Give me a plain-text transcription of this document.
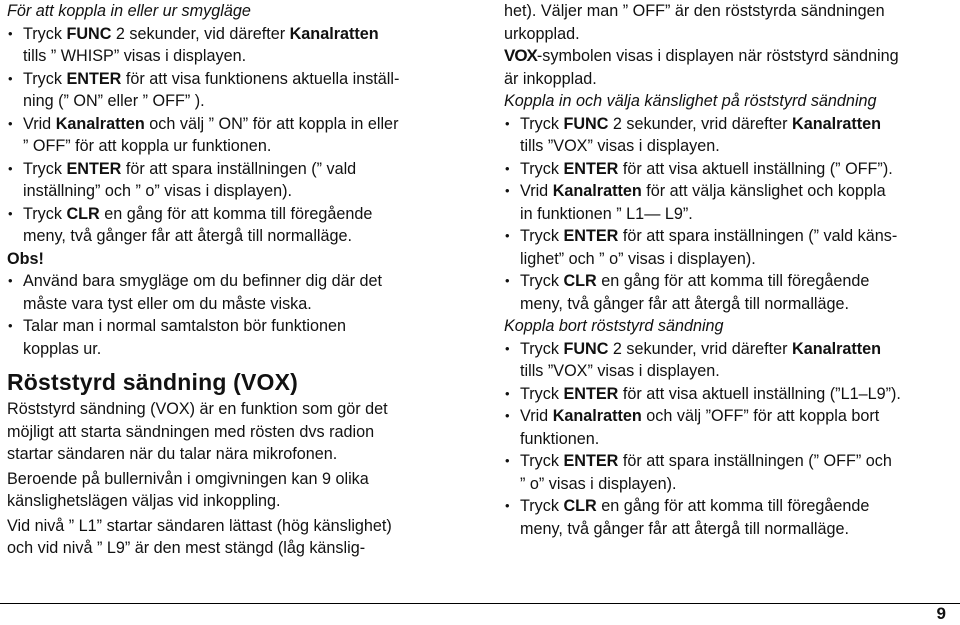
För att koppla in eller ur smygläge
• Tryck FUNC 2 sekunder, vid därefter Kanalratten
tills ” WHISP” visas i displayen.
• Tryck ENTER för att visa funktionens aktuella inställ-
ning (” ON” eller ” OFF” ).
• Vrid Kanalratten och välj ” ON” för att koppla in eller
” OFF” för att koppla ur funktionen.
• Tryck ENTER för att spara inställningen (” vald
inställning” och ” o” visas i displayen).
• Tryck CLR en gång för att komma till föregående
meny, två gånger får att återgå till normalläge.
Obs!
• Använd bara smygläge om du befinner dig där det
måste vara tyst eller om du måste viska.
• Talar man i normal samtalston bör funktionen
kopplas ur.
Röststyrd sändning (VOX)
Röststyrd sändning (VOX) är en funktion som gör det
möjligt att starta sändningen med rösten dvs radion
startar sändaren när du talar nära mikrofonen.
Beroende på bullernivån i omgivningen kan 9 olika
känslighetslägen väljas vid inkoppling.
Vid nivå ” L1” startar sändaren lättast (hög känslighet)
och vid nivå ” L9” är den mest stängd (låg känslig-
het). Väljer man ” OFF” är den röststyrda sändningen
urkopplad.
VOX-symbolen visas i displayen när röststyrd sändning
är inkopplad.
Koppla in och välja känslighet på röststyrd sändning
• Tryck FUNC 2 sekunder, vrid därefter Kanalratten
tills ”VOX” visas i displayen.
• Tryck ENTER för att visa aktuell inställning (” OFF”).
• Vrid Kanalratten för att välja känslighet och koppla
in funktionen ” L1— L9”.
• Tryck ENTER för att spara inställningen (” vald käns-
lighet” och ” o” visas i displayen).
• Tryck CLR en gång för att komma till föregående
meny, två gånger får att återgå till normalläge.
Koppla bort röststyrd sändning
• Tryck FUNC 2 sekunder, vrid därefter Kanalratten
tills ”VOX” visas i displayen.
• Tryck ENTER för att visa aktuell inställning (”L1–L9”).
• Vrid Kanalratten och välj ”OFF” för att koppla bort
funktionen.
• Tryck ENTER för att spara inställningen (” OFF” och
” o” visas i displayen).
• Tryck CLR en gång för att komma till föregående
meny, två gånger får att återgå till normalläge.
9
